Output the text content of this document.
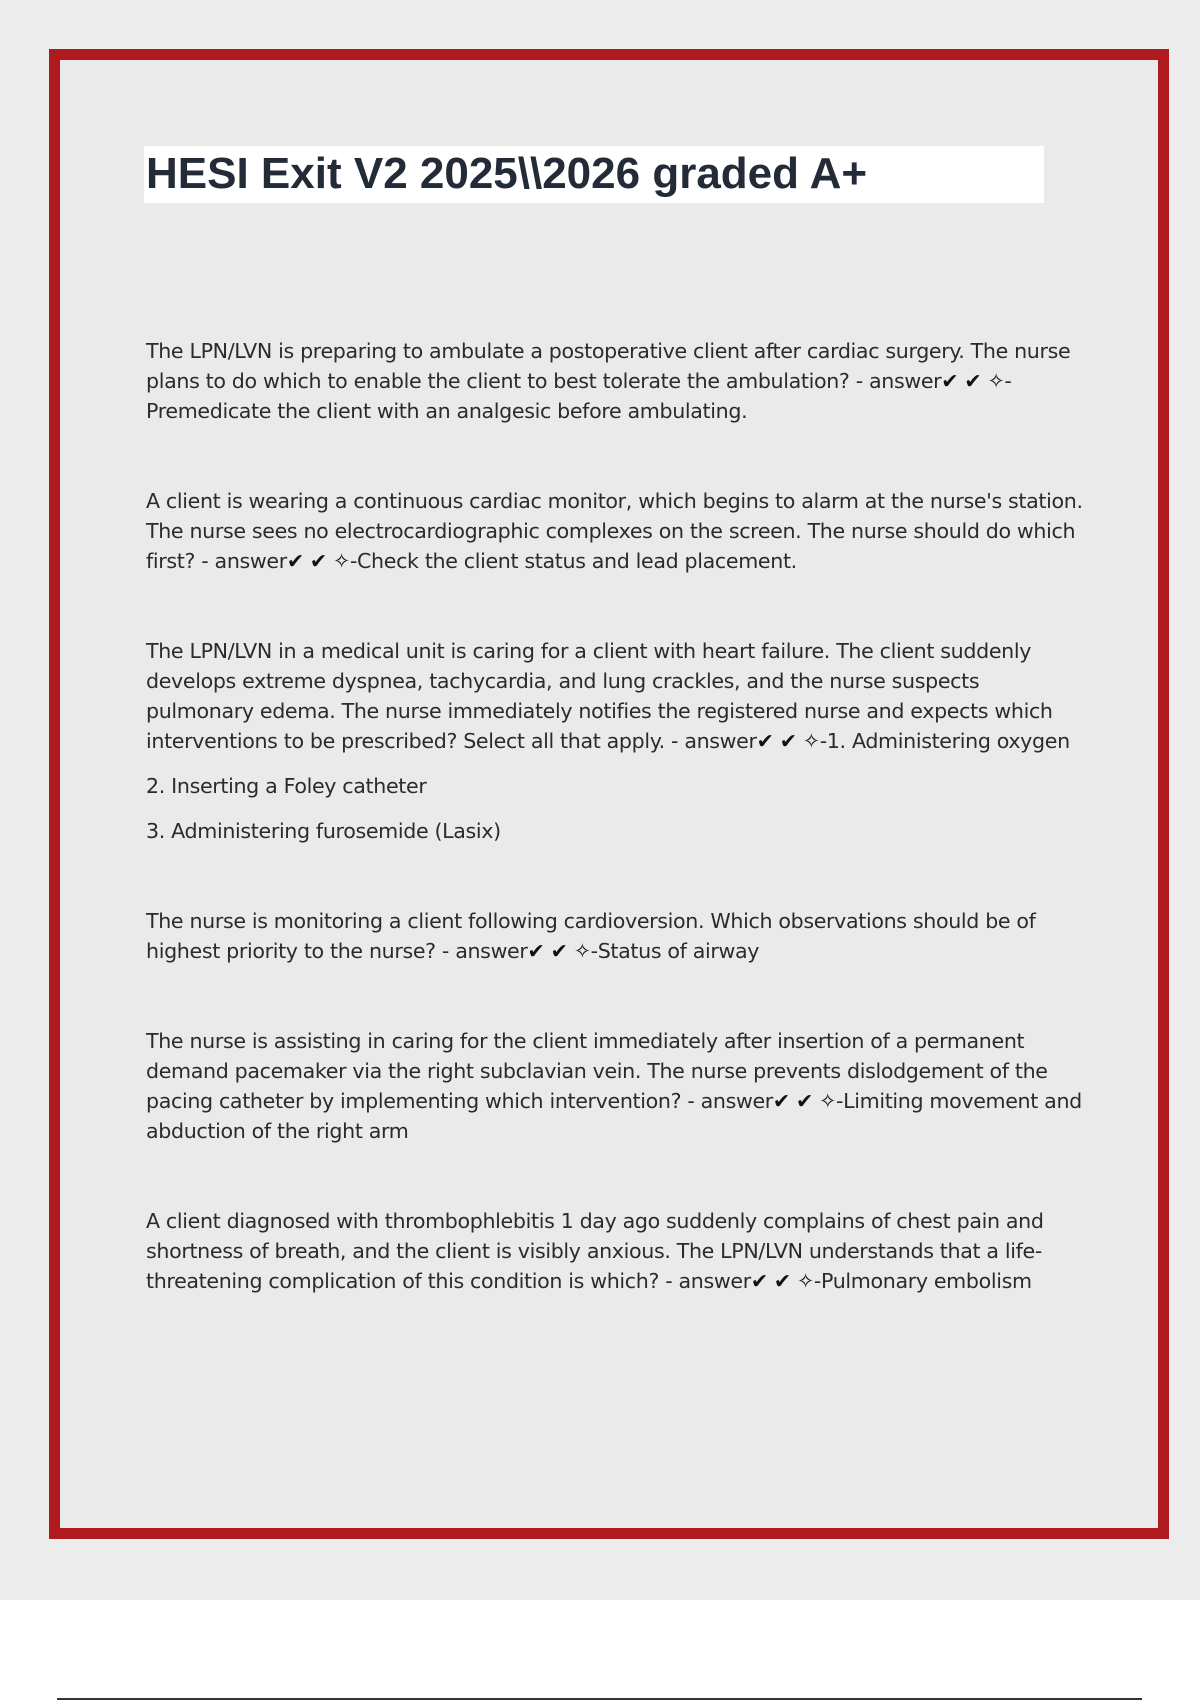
HESI Exit V2 2025\\2026 graded A+

The LPN/LVN is preparing to ambulate a postoperative client after cardiac surgery. The nurse plans to do which to enable the client to best tolerate the ambulation? - answer✔ ✔ ✧-Premedicate the client with an analgesic before ambulating.

A client is wearing a continuous cardiac monitor, which begins to alarm at the nurse's station. The nurse sees no electrocardiographic complexes on the screen. The nurse should do which first? - answer✔ ✔ ✧-Check the client status and lead placement.

The LPN/LVN in a medical unit is caring for a client with heart failure. The client suddenly develops extreme dyspnea, tachycardia, and lung crackles, and the nurse suspects pulmonary edema. The nurse immediately notifies the registered nurse and expects which interventions to be prescribed? Select all that apply. - answer✔ ✔ ✧-1. Administering oxygen

2. Inserting a Foley catheter

3. Administering furosemide (Lasix)

The nurse is monitoring a client following cardioversion. Which observations should be of highest priority to the nurse? - answer✔ ✔ ✧-Status of airway

The nurse is assisting in caring for the client immediately after insertion of a permanent demand pacemaker via the right subclavian vein. The nurse prevents dislodgement of the pacing catheter by implementing which intervention? - answer✔ ✔ ✧-Limiting movement and abduction of the right arm

A client diagnosed with thrombophlebitis 1 day ago suddenly complains of chest pain and shortness of breath, and the client is visibly anxious. The LPN/LVN understands that a life-threatening complication of this condition is which? - answer✔ ✔ ✧-Pulmonary embolism
